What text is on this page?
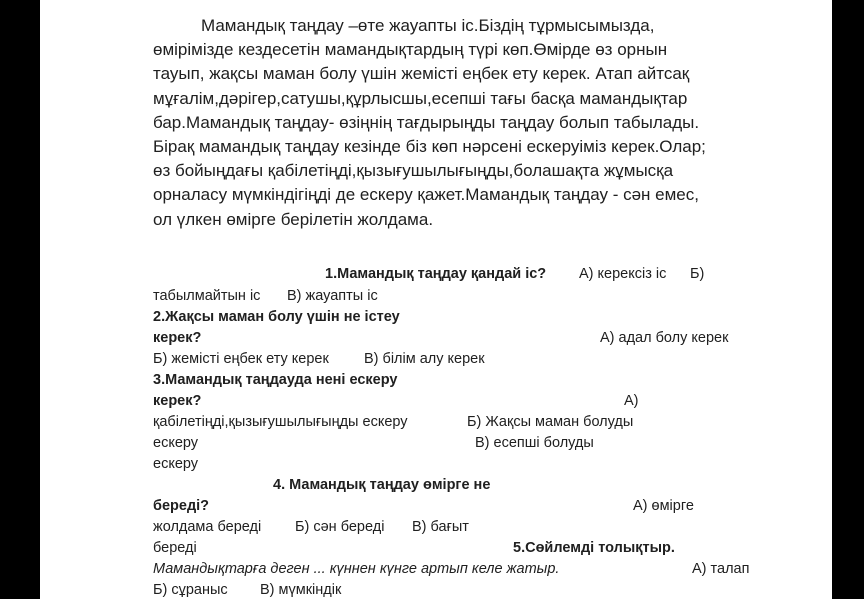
Мамандық таңдау –өте жауапты іс.Біздің тұрмысымызда,
өміріміздe кездесетін мамандықтардың түрі көп.Өмірде өз орнын
тауып, жақсы маман болу үшін жемісті еңбек ету керек. Атап айтсақ
мұғалім,дәрігер,сатушы,құрлысшы,есепші тағы басқа мамандықтар
бар.Мамандық таңдау- өзіңнің тағдырыңды таңдау болып табылады.
Бірақ мамандық таңдау кезінде біз көп нәрсені ескеруіміз керек.Олар;
өз бойыңдағы қабілетіңді,қызығушылығыңды,болашақта жұмысқа
орналасу мүмкіндігіңді де ескеру қажет.Мамандық таңдау - сән емес,
ол үлкен өмірге берілетін жолдама.

1.Мамандық таңдау қандай іс? А) керексіз іс Б)
табылмайтын іс В) жауапты іс
2.Жақсы маман болу үшін не істеу
керек?	А) адал болу керек
Б) жемісті еңбек ету керек В) білім алу керек
3.Мамандық таңдауда нені ескеру
керек?	А)
қабілетіңді,қызығушылығыңды ескеру	Б) Жақсы маман болуды
ескеру	В) есепші болуды
ескеру
4. Мамандық таңдау өмірге не
береді?	А) өмірге
жолдама береді Б) сән береді В) бағыт
береді	5.Сөйлемді толықтыр.
Мамандықтарға деген ... күннен күнге артып келе жатыр.	А) талап
Б) сұраныс В) мүмкіндік
